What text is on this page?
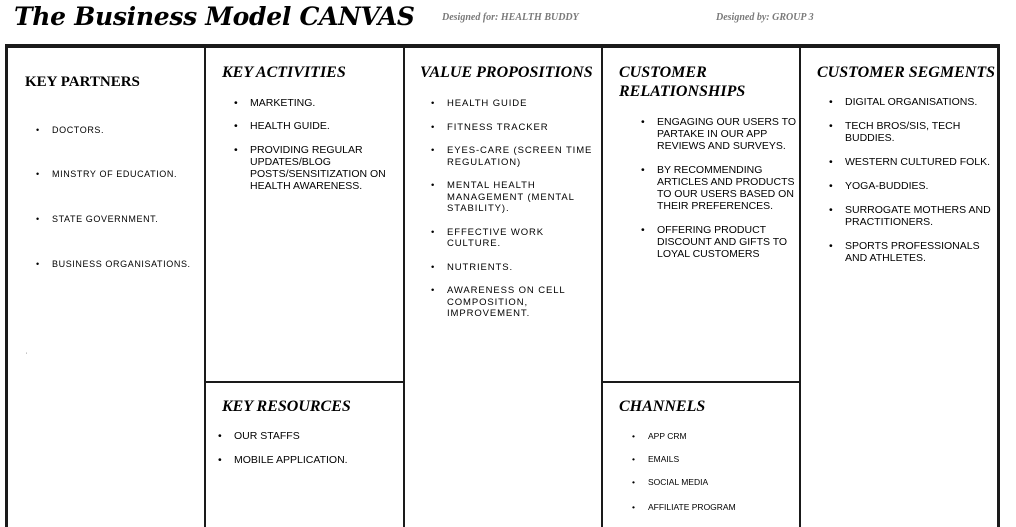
The Business Model CANVAS	Designed for: HEALTH BUDDY	Designed by: GROUP 3
KEY PARTNERS
• DOCTORS.
• MINSTRY OF EDUCATION.
• STATE GOVERNMENT.
• BUSINESS ORGANISATIONS.
'
KEY ACTIVITIES
• MARKETING.
• HEALTH GUIDE.
• PROVIDING REGULAR UPDATES/BLOG POSTS/SENSITIZATION ON HEALTH AWARENESS.
KEY RESOURCES
• OUR STAFFS
• MOBILE APPLICATION.
VALUE PROPOSITIONS
• HEALTH GUIDE
• FITNESS TRACKER
• EYES-CARE (SCREEN TIME REGULATION)
• MENTAL HEALTH MANAGEMENT (MENTAL STABILITY).
• EFFECTIVE WORK CULTURE.
• NUTRIENTS.
• AWARENESS ON CELL COMPOSITION, IMPROVEMENT.
CUSTOMER RELATIONSHIPS
• ENGAGING OUR USERS TO PARTAKE IN OUR APP REVIEWS AND SURVEYS.
• BY RECOMMENDING ARTICLES AND PRODUCTS TO OUR USERS BASED ON THEIR PREFERENCES.
• OFFERING PRODUCT DISCOUNT AND GIFTS TO LOYAL CUSTOMERS
CHANNELS
• APP CRM
• EMAILS
• SOCIAL MEDIA
• AFFILIATE PROGRAM
CUSTOMER SEGMENTS
• DIGITAL ORGANISATIONS.
• TECH BROS/SIS, TECH BUDDIES.
• WESTERN CULTURED FOLK.
• YOGA-BUDDIES.
• SURROGATE MOTHERS AND PRACTITIONERS.
• SPORTS PROFESSIONALS AND ATHLETES.
